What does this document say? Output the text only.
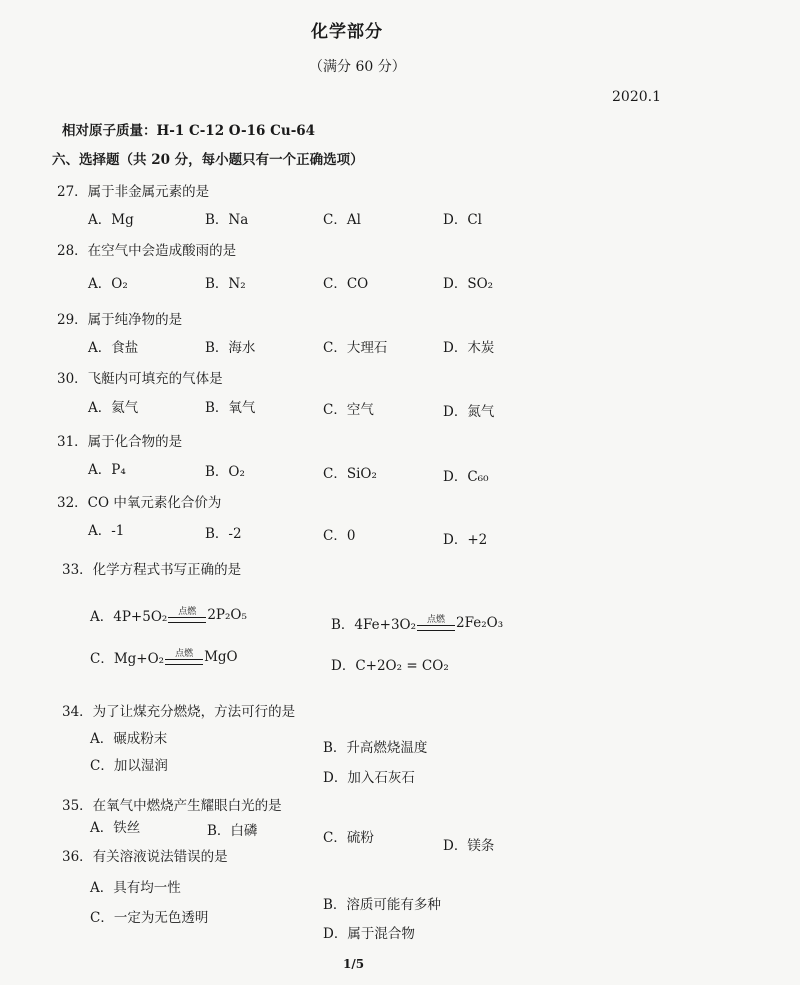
化学部分
（满分 60 分）
2020.1
相对原子质量：H-1 C-12 O-16 Cu-64
六、选择题（共 20 分，每小题只有一个正确选项）
27．属于非金属元素的是
A．Mg	B．Na	C．Al	D．Cl
28．在空气中会造成酸雨的是
A．O₂	B．N₂	C．CO	D．SO₂
29．属于纯净物的是
A．食盐	B．海水	C．大理石	D．木炭
30．飞艇内可填充的气体是
A．氦气	B．氧气	C．空气	D．氮气
31．属于化合物的是
A．P₄	B．O₂	C．SiO₂	D．C₆₀
32．CO 中氧元素化合价为
A．-1	B．-2	C．0	D．+2
33．化学方程式书写正确的是
A．4P+5O₂ 点燃 2P₂O₅
B．4Fe+3O₂ 点燃 2Fe₂O₃
C．Mg+O₂ 点燃 MgO
D．C+2O₂ = CO₂
34．为了让煤充分燃烧，方法可行的是
A．碾成粉末
B．升高燃烧温度
C．加以湿润
D．加入石灰石
35．在氧气中燃烧产生耀眼白光的是
A．铁丝	B．白磷	C．硫粉	D．镁条
36．有关溶液说法错误的是
A．具有均一性
B．溶质可能有多种
C．一定为无色透明
D．属于混合物
1/5
